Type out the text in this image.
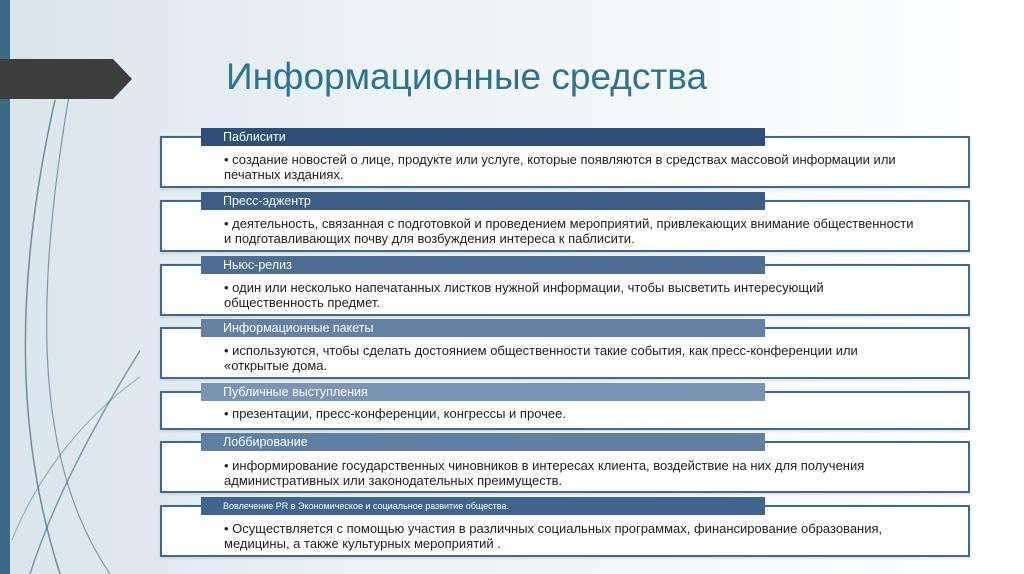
Информационные средства
• создание новостей о лице, продукте или услуге, которые появляются в средствах массовой информации или печатных изданиях.
Паблисити
• деятельность, связанная с подготовкой и проведением мероприятий, привлекающих внимание общественности и подготавливающих почву для возбуждения интереса к паблисити.
Пресс-эджентр
• один или несколько напечатанных листков нужной информации, чтобы высветить интересующий общественность предмет.
Ньюс-релиз
• используются, чтобы сделать достоянием общественности такие события, как пресс-конференции или «открытые дома.
Информационные пакеты
• презентации, пресс-конференции, конгрессы и прочее.
Публичные выступления
• информирование государственных чиновников в интересах клиента, воздействие на них для получения административных или законодательных преимуществ.
Лоббирование
• Осуществляется с помощью участия в различных социальных программах, финансирование образования, медицины, а также культурных мероприятий .
Вовлечение PR в Экономическое и социальное развитие общества.
